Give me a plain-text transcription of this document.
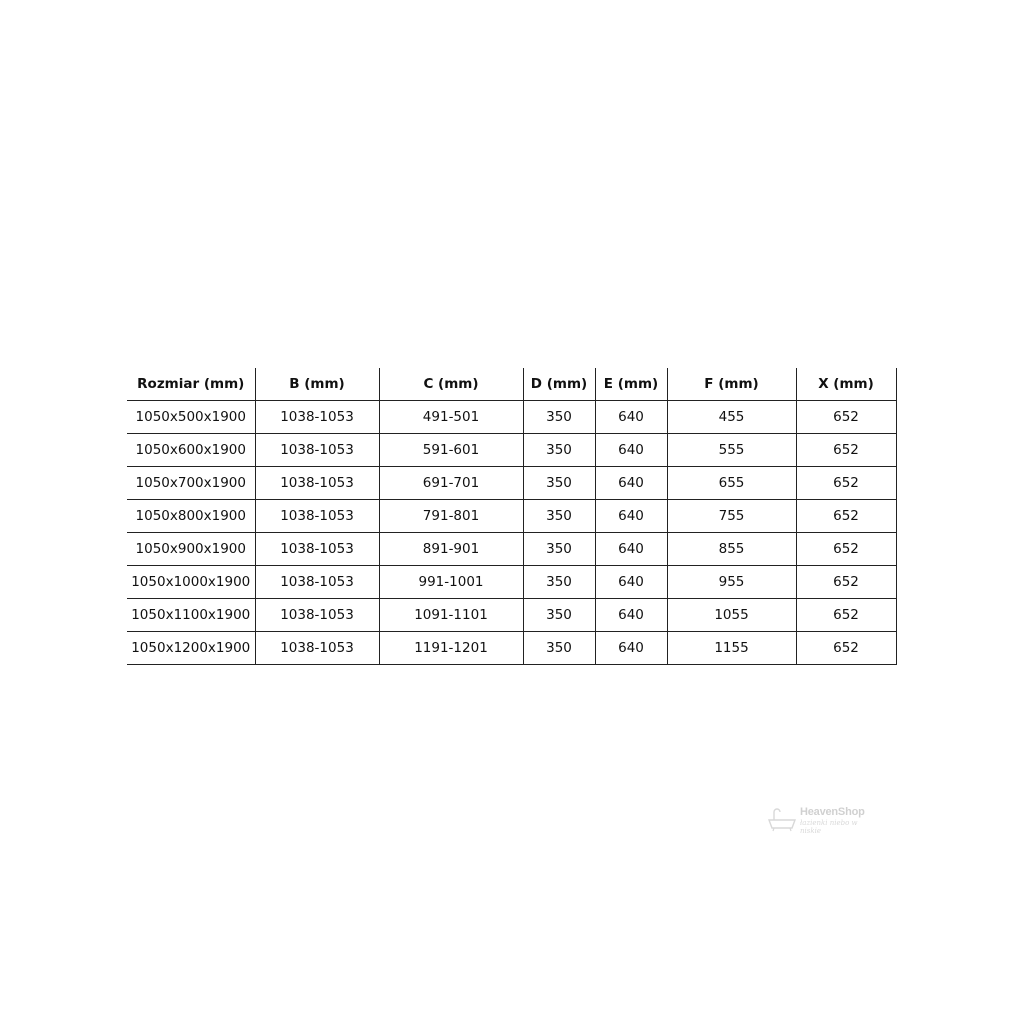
Rozmiar (mm)	B (mm)	C (mm)	D (mm)	E (mm)	F (mm)	X (mm)
1050x500x1900	1038-1053	491-501	350	640	455	652
1050x600x1900	1038-1053	591-601	350	640	555	652
1050x700x1900	1038-1053	691-701	350	640	655	652
1050x800x1900	1038-1053	791-801	350	640	755	652
1050x900x1900	1038-1053	891-901	350	640	855	652
1050x1000x1900	1038-1053	991-1001	350	640	955	652
1050x1100x1900	1038-1053	1091-1101	350	640	1055	652
1050x1200x1900	1038-1053	1191-1201	350	640	1155	652
HeavenShop
łazienki niebo w niskie
